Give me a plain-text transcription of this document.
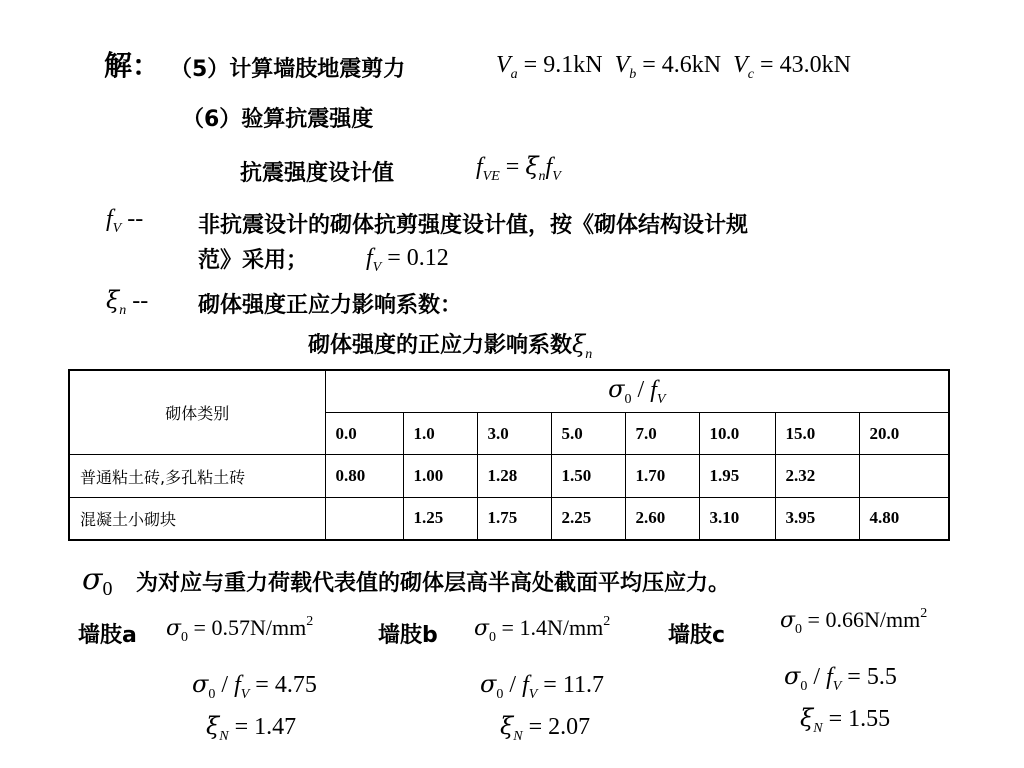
解： （5）计算墙肢地震剪力	$V_a = 9.1kN$ $V_b = 4.6kN$ $V_c = 43.0kN$
（6）验算抗震强度
抗震强度设计值	$f_{VE} = \xi_nf_V$
$f_V$ -- 非抗震设计的砌体抗剪强度设计值，按《砌体结构设计规
范》采用； $f_V = 0.12$
$\xi_n$ -- 砌体强度正应力影响系数：
砌体强度的正应力影响系数$\xi_n$
砌体类别	$\sigma_0 / f_V$
	0.0	1.0	3.0	5.0	7.0	10.0	15.0	20.0
普通粘土砖,多孔粘土砖	0.80	1.00	1.28	1.50	1.70	1.95	2.32	
混凝土小砌块		1.25	1.75	2.25	2.60	3.10	3.95	4.80
$\sigma_0$ 为对应与重力荷载代表值的砌体层高半高处截面平均压应力。
墙肢a $\sigma_0 = 0.57N/mm^2$
墙肢b $\sigma_0 = 1.4N/mm^2$
墙肢c
$\sigma_0 = 0.66N/mm^2$
$\sigma_0 / f_V = 4.75$	$\sigma_0 / f_V = 11.7$	$\sigma_0 / f_V = 5.5$
$\xi_N = 1.47$	$\xi_N = 2.07$	$\xi_N = 1.55$
